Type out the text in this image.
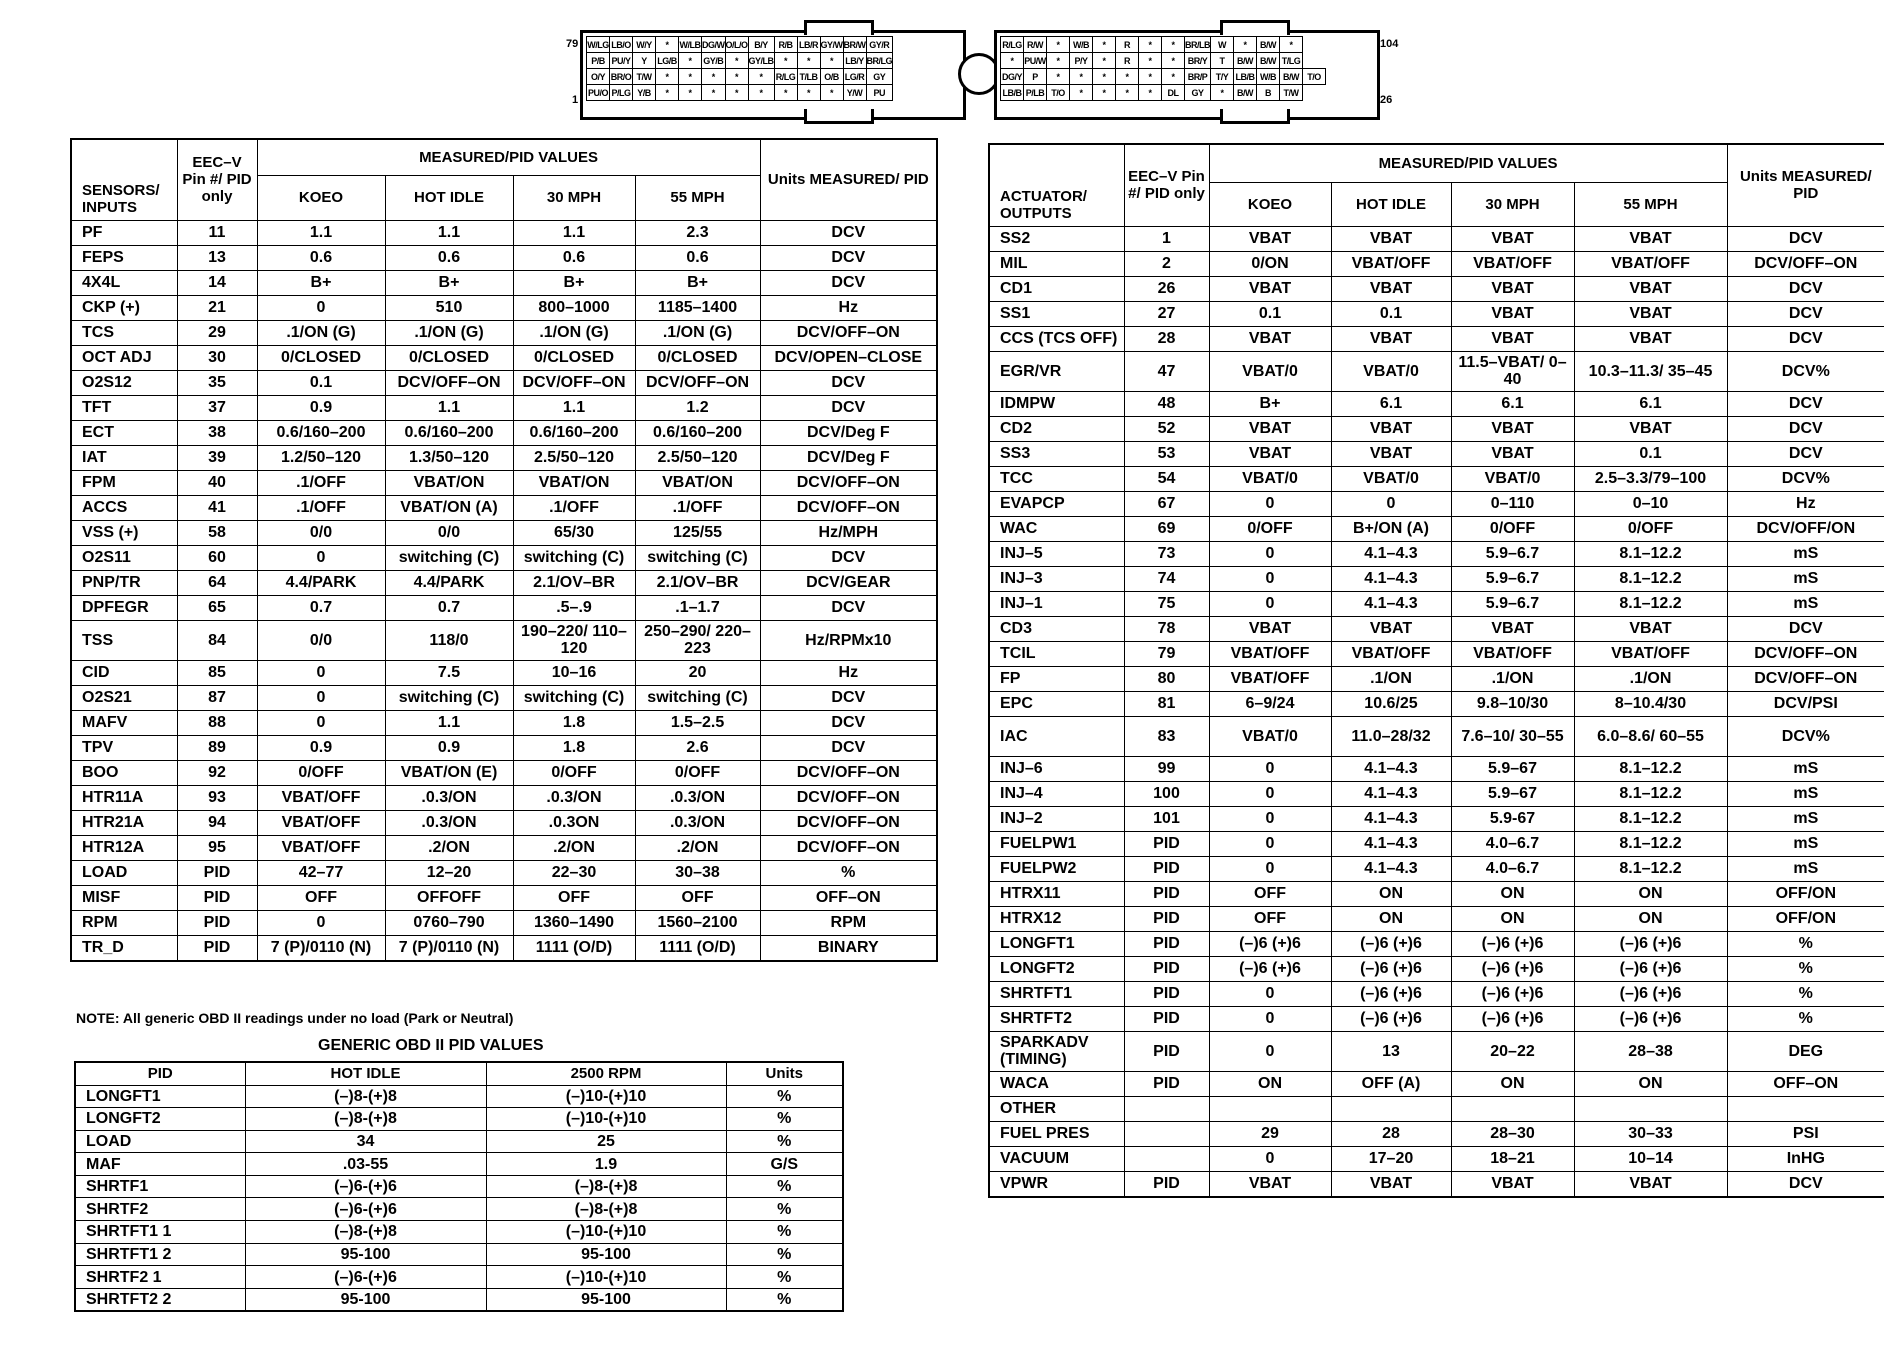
79
1
104
26
W/LG	LB/O	W/Y	*	W/LB	DG/W	O/L/O	B/Y	R/B	LB/R	GY/W	BR/W	GY/R
P/B	PU/Y	Y	LG/B	*	GY/B	*	GY/LB	*	*	*	LB/Y	BR/LG
O/Y	BR/O	T/W	*	*	*	*	*	R/LG	T/LB	O/B	LG/R	GY
PU/O	P/LG	Y/B	*	*	*	*	*	*	*	*	Y/W	PU
R/LG	R/W	*	W/B	*	R	*	*	BR/LB	W	*	B/W	*	
*	PU/W	*	P/Y	*	R	*	*	BR/Y	T	B/W	B/W	T/LG	
DG/Y	P	*	*	*	*	*	*	BR/P	T/Y	LB/B	W/B	B/W	T/O
LB/B	P/LB	T/O	*	*	*	*	DL	GY	*	B/W	B	T/W	
SENSORS/ INPUTS	EEC–V Pin #/ PID only	MEASURED/PID VALUES				Units MEASURED/ PID
		KOEO	HOT IDLE	30 MPH	55 MPH	
PF	11	1.1	1.1	1.1	2.3	DCV
FEPS	13	0.6	0.6	0.6	0.6	DCV
4X4L	14	B+	B+	B+	B+	DCV
CKP (+)	21	0	510	800–1000	1185–1400	Hz
TCS	29	.1/ON (G)	.1/ON (G)	.1/ON (G)	.1/ON (G)	DCV/OFF–ON
OCT ADJ	30	0/CLOSED	0/CLOSED	0/CLOSED	0/CLOSED	DCV/OPEN–CLOSE
O2S12	35	0.1	DCV/OFF–ON	DCV/OFF–ON	DCV/OFF–ON	DCV
TFT	37	0.9	1.1	1.1	1.2	DCV
ECT	38	0.6/160–200	0.6/160–200	0.6/160–200	0.6/160–200	DCV/Deg F
IAT	39	1.2/50–120	1.3/50–120	2.5/50–120	2.5/50–120	DCV/Deg F
FPM	40	.1/OFF	VBAT/ON	VBAT/ON	VBAT/ON	DCV/OFF–ON
ACCS	41	.1/OFF	VBAT/ON (A)	.1/OFF	.1/OFF	DCV/OFF–ON
VSS (+)	58	0/0	0/0	65/30	125/55	Hz/MPH
O2S11	60	0	switching (C)	switching (C)	switching (C)	DCV
PNP/TR	64	4.4/PARK	4.4/PARK	2.1/OV–BR	2.1/OV–BR	DCV/GEAR
DPFEGR	65	0.7	0.7	.5–.9	.1–1.7	DCV
TSS	84	0/0	118/0	190–220/ 110–120	250–290/ 220–223	Hz/RPMx10
CID	85	0	7.5	10–16	20	Hz
O2S21	87	0	switching (C)	switching (C)	switching (C)	DCV
MAFV	88	0	1.1	1.8	1.5–2.5	DCV
TPV	89	0.9	0.9	1.8	2.6	DCV
BOO	92	0/OFF	VBAT/ON (E)	0/OFF	0/OFF	DCV/OFF–ON
HTR11A	93	VBAT/OFF	.0.3/ON	.0.3/ON	.0.3/ON	DCV/OFF–ON
HTR21A	94	VBAT/OFF	.0.3/ON	.0.3ON	.0.3/ON	DCV/OFF–ON
HTR12A	95	VBAT/OFF	.2/ON	.2/ON	.2/ON	DCV/OFF–ON
LOAD	PID	42–77	12–20	22–30	30–38	%
MISF	PID	OFF	OFFOFF	OFF	OFF	OFF–ON
RPM	PID	0	0760–790	1360–1490	1560–2100	RPM
TR_D	PID	7 (P)/0110 (N)	7 (P)/0110 (N)	1111 (O/D)	1111 (O/D)	BINARY
NOTE: All generic OBD II readings under no load (Park or Neutral)
GENERIC OBD II PID VALUES
PID	HOT IDLE	2500 RPM	Units
LONGFT1	(–)8-(+)8	(–)10-(+)10	%
LONGFT2	(–)8-(+)8	(–)10-(+)10	%
LOAD	34	25	%
MAF	.03-55	1.9	G/S
SHRTF1	(–)6-(+)6	(–)8-(+)8	%
SHRTF2	(–)6-(+)6	(–)8-(+)8	%
SHRTFT1 1	(–)8-(+)8	(–)10-(+)10	%
SHRTFT1 2	95-100	95-100	%
SHRTF2 1	(–)6-(+)6	(–)10-(+)10	%
SHRTFT2 2	95-100	95-100	%
ACTUATOR/ OUTPUTS	EEC–V Pin #/ PID only	MEASURED/PID VALUES				Units MEASURED/ PID
		KOEO	HOT IDLE	30 MPH	55 MPH	
SS2	1	VBAT	VBAT	VBAT	VBAT	DCV
MIL	2	0/ON	VBAT/OFF	VBAT/OFF	VBAT/OFF	DCV/OFF–ON
CD1	26	VBAT	VBAT	VBAT	VBAT	DCV
SS1	27	0.1	0.1	VBAT	VBAT	DCV
CCS (TCS OFF)	28	VBAT	VBAT	VBAT	VBAT	DCV
EGR/VR	47	VBAT/0	VBAT/0	11.5–VBAT/ 0–40	10.3–11.3/ 35–45	DCV%
IDMPW	48	B+	6.1	6.1	6.1	DCV
CD2	52	VBAT	VBAT	VBAT	VBAT	DCV
SS3	53	VBAT	VBAT	VBAT	0.1	DCV
TCC	54	VBAT/0	VBAT/0	VBAT/0	2.5–3.3/79–100	DCV%
EVAPCP	67	0	0	0–110	0–10	Hz
WAC	69	0/OFF	B+/ON (A)	0/OFF	0/OFF	DCV/OFF/ON
INJ–5	73	0	4.1–4.3	5.9–6.7	8.1–12.2	mS
INJ–3	74	0	4.1–4.3	5.9–6.7	8.1–12.2	mS
INJ–1	75	0	4.1–4.3	5.9–6.7	8.1–12.2	mS
CD3	78	VBAT	VBAT	VBAT	VBAT	DCV
TCIL	79	VBAT/OFF	VBAT/OFF	VBAT/OFF	VBAT/OFF	DCV/OFF–ON
FP	80	VBAT/OFF	.1/ON	.1/ON	.1/ON	DCV/OFF–ON
EPC	81	6–9/24	10.6/25	9.8–10/30	8–10.4/30	DCV/PSI
IAC	83	VBAT/0	11.0–28/32	7.6–10/ 30–55	6.0–8.6/ 60–55	DCV%
INJ–6	99	0	4.1–4.3	5.9–67	8.1–12.2	mS
INJ–4	100	0	4.1–4.3	5.9–67	8.1–12.2	mS
INJ–2	101	0	4.1–4.3	5.9-67	8.1–12.2	mS
FUELPW1	PID	0	4.1–4.3	4.0–6.7	8.1–12.2	mS
FUELPW2	PID	0	4.1–4.3	4.0–6.7	8.1–12.2	mS
HTRX11	PID	OFF	ON	ON	ON	OFF/ON
HTRX12	PID	OFF	ON	ON	ON	OFF/ON
LONGFT1	PID	(–)6 (+)6	(–)6 (+)6	(–)6 (+)6	(–)6 (+)6	%
LONGFT2	PID	(–)6 (+)6	(–)6 (+)6	(–)6 (+)6	(–)6 (+)6	%
SHRTFT1	PID	0	(–)6 (+)6	(–)6 (+)6	(–)6 (+)6	%
SHRTFT2	PID	0	(–)6 (+)6	(–)6 (+)6	(–)6 (+)6	%
SPARKADV (TIMING)	PID	0	13	20–22	28–38	DEG
WACA	PID	ON	OFF (A)	ON	ON	OFF–ON
OTHER						
FUEL PRES		29	28	28–30	30–33	PSI
VACUUM		0	17–20	18–21	10–14	InHG
VPWR	PID	VBAT	VBAT	VBAT	VBAT	DCV
